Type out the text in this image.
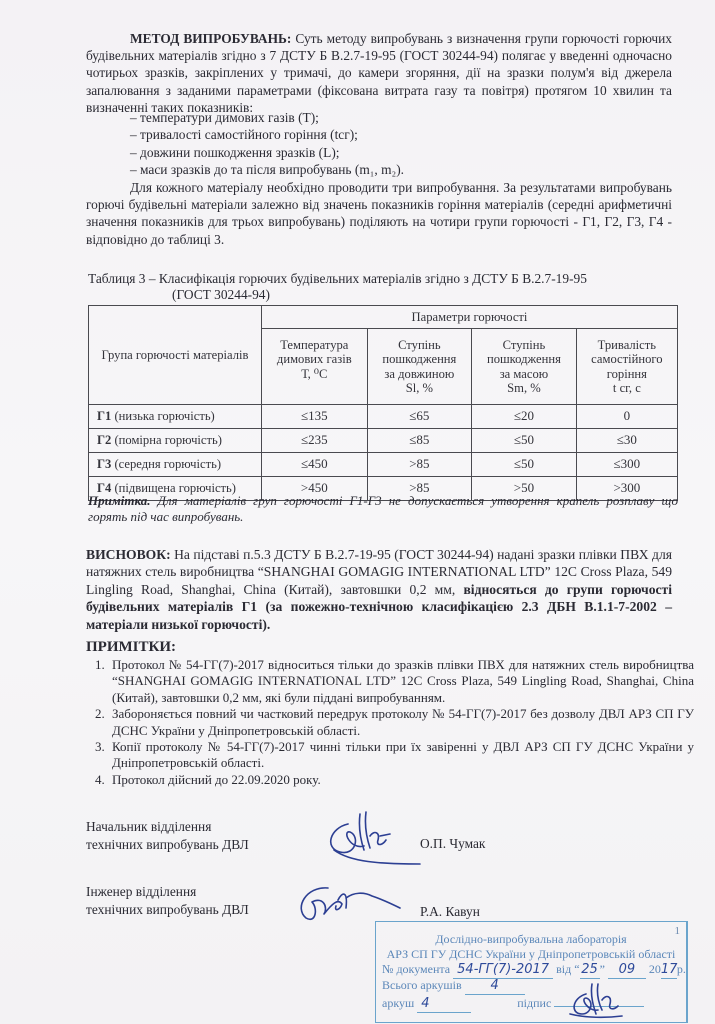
МЕТОД ВИПРОБУВАНЬ: Суть методу випробувань з визначення групи горючості горючих будівельних матеріалів згідно з 7 ДСТУ Б В.2.7-19-95 (ГОСТ 30244-94) полягає у введенні одночасно чотирьох зразків, закріплених у тримачі, до камери згоряння, дії на зразки полум'я від джерела запалювання з заданими параметрами (фіксована витрата газу та повітря) протягом 10 хвилин та визначенні таких показників:
– температури димових газів (Т);
– тривалості самостійного горіння (tсг);
– довжини пошкодження зразків (L);
– маси зразків до та після випробувань (m₁, m₂).
Для кожного матеріалу необхідно проводити три випробування. За результатами випробувань горючі будівельні матеріали залежно від значень показників горіння матеріалів (середні арифметичні значення показників для трьох випробувань) поділяють на чотири групи горючості - Г1, Г2, Г3, Г4 - відповідно до таблиці 3.
Таблиця 3 – Класифікація горючих будівельних матеріалів згідно з ДСТУ Б В.2.7-19-95
(ГОСТ 30244-94)
Група горючості матеріалів	Параметри горючості			

Температура
димових газів
Т, ⁰С

Ступінь
пошкодження
за довжиною
Sl, %

Ступінь
пошкодження
за масою
Sm, %

Тривалість
самостійного
горіння
t сг, с

Г1 (низька горючість)	≤135	≤65	≤20	0
Г2 (помірна горючість)	≤235	≤85	≤50	≤30
Г3 (середня горючість)	≤450	>85	≤50	≤300
Г4 (підвищена горючість)	>450	>85	>50	>300
Примітка. Для матеріалів груп горючості Г1-Г3 не допускається утворення крапель розплаву що горять під час випробувань.
ВИСНОВОК: На підставі п.5.3 ДСТУ Б В.2.7-19-95 (ГОСТ 30244-94) надані зразки плівки ПВХ для натяжних стель виробництва “SHANGHAI GOMAGIG INTERNATIONAL LTD” 12C Cross Plaza, 549 Lingling Road, Shanghai, China (Китай), завтовшки 0,2 мм, відносяться до групи горючості будівельних матеріалів Г1 (за пожежно-технічною класифікацією 2.3 ДБН В.1.1-7-2002 – матеріали низької горючості).
ПРИМІТКИ:
1. Протокол № 54-ГГ(7)-2017 відноситься тільки до зразків плівки ПВХ для натяжних стель виробництва “SHANGHAI GOMAGIG INTERNATIONAL LTD” 12C Cross Plaza, 549 Lingling Road, Shanghai, China (Китай), завтовшки 0,2 мм, які були піддані випробуванням.
2. Забороняється повний чи частковий передрук протоколу № 54-ГГ(7)-2017 без дозволу ДВЛ АРЗ СП ГУ ДСНС України у Дніпропетровській області.
3. Копії протоколу № 54-ГГ(7)-2017 чинні тільки при їх завіренні у ДВЛ АРЗ СП ГУ ДСНС України у Дніпропетровській області.
4. Протокол дійсний до 22.09.2020 року.
Начальник відділення
технічних випробувань ДВЛ	О.П. Чумак
Інженер відділення
технічних випробувань ДВЛ	Р.А. Кавун
1
Дослідно-випробувальна лабораторія
АРЗ СП ГУ ДСНС України у Дніпропетровській області
№ документа 54-ГГ(7)-2017 від “ 25 ” 09 2017р.
Всього аркушів 4
аркуш 4	підпис
